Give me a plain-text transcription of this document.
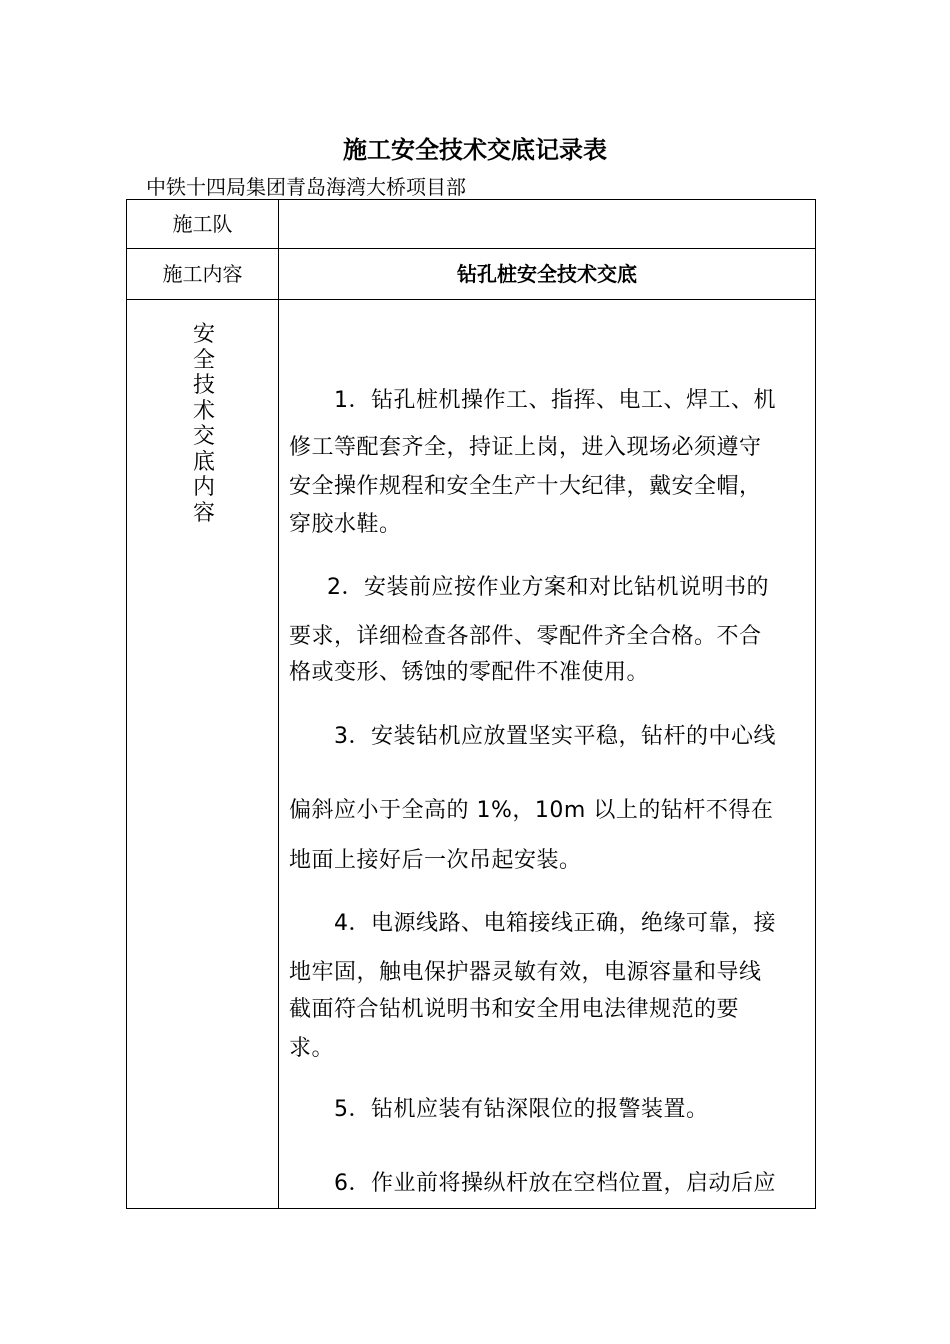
施工安全技术交底记录表
中铁十四局集团青岛海湾大桥项目部
施工队
施工内容	钻孔桩安全技术交底
安全技术交底内容
1．钻孔桩机操作工、指挥、电工、焊工、机
修工等配套齐全，持证上岗，进入现场必须遵守
安全操作规程和安全生产十大纪律，戴安全帽，
穿胶水鞋。
2．安装前应按作业方案和对比钻机说明书的
要求，详细检查各部件、零配件齐全合格。不合
格或变形、锈蚀的零配件不准使用。
3．安装钻机应放置坚实平稳，钻杆的中心线
偏斜应小于全高的 1%，10m 以上的钻杆不得在
地面上接好后一次吊起安装。
4．电源线路、电箱接线正确，绝缘可靠，接
地牢固，触电保护器灵敏有效，电源容量和导线
截面符合钻机说明书和安全用电法律规范的要
求。
5．钻机应装有钻深限位的报警装置。
6．作业前将操纵杆放在空档位置，启动后应
